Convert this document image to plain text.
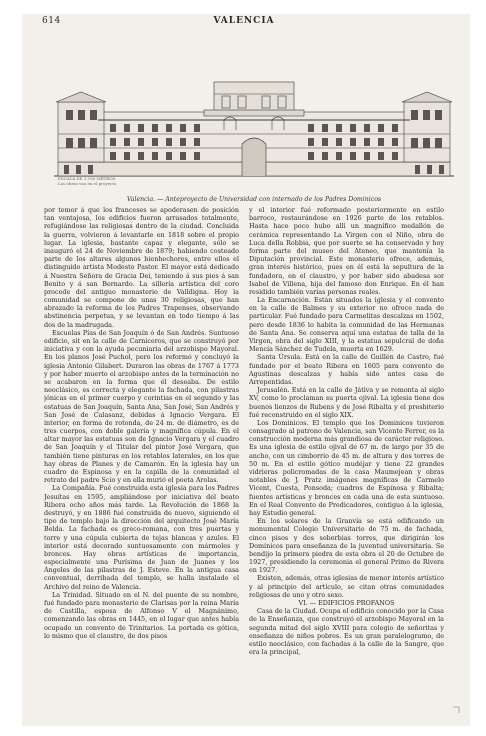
614	VALENCIA
ESCALA DE 1:150 METROS
Las obras van en el proyecto
Valencia. — Anteproyecto de Universidad con internado de los Padres Dominicos

por temor á que los franceses se apoderasen de posición tan ventajosa, los edificios fueron arrasados totalmente, refugiándose las religiosas dentro de la ciudad. Concluida la guerra, volvieron á levantarle en 1818 sobre el propio lugar. La iglesia, bastante capaz y elegante, sólo se inauguró el 24 de Noviembre de 1879; habiendo costeado parte de los altares algunos bienhechores, entre ellos el distinguido artista Modesto Pastor. El mayor está dedicado á Nuestra Señora de Gracia Dei, teniendo á sus pies á san Benito y á san Bernardo. La sillería artística del coro procede del antiguo monasterio de Valldigna. Hoy la comunidad se compone de unas 30 religiosas, que han abrazado la reforma de los Padres Trapenses, observando abstinencia perpetua, y se levantan en todo tiempo á las dos de la madrugada.

Escuelas Pías de San Joaquín ó de San Andrés. Suntuoso edificio, sit en la calle de Carniceros, que se construyó por iniciativa y con la ayuda pecuniaria del arzobispo Mayoral. En los planos José Puchol, pero los reformó y concluyó la iglesia Antonio Gilabert. Duraron las obras de 1767 á 1773 y por haber muerto el arzobispo antes de la terminación no se acabaron en la forma que él deseaba. De estilo neoclásico, es correcta y elegante la fachada, con pilastras jónicas en el primer cuerpo y corintias en el segundo y las estatuas de San Joaquín, Santa Ana, San José, San Andrés y San José de Calasanz, debidas á Ignacio Vergara. El interior, en forma de rotonda, de 24 m. de diámetro, es de tres cuerpos, con doble galería y magnífica cúpula. En el altar mayor las estatuas son de Ignacio Vergara y el cuadro de San Joaquín y el Titular del pintor José Vergara, que también tiene pinturas en los retablos laterales, en los que hay obras de Planes y de Camarón. En la iglesia hay un cuadro de Espinosa y en la capilla de la comunidad el retrato del padre Scio y en ella murió el poeta Arolas.

La Compañía. Fué construida esta iglesia para los Padres Jesuítas en 1595, ampliándose por iniciativa del beato Ribera ocho años más tarde. La Revolución de 1868 la destruyó, y en 1886 fué construida de nuevo, siguiendo el tipo de templo bajo la dirección del arquitecto José María Belda. La fachada es greco-romana, con tres puertas y torre y una cúpula cubierta de tejas blancas y azules. El interior está decorado suntuosamente con mármoles y bronces. Hay obras artísticas de importancia, especialmente una Purísima de Juan de Juanes y los Ángeles de las pilastras de J. Esteve. En la antigua casa conventual, derribada del templo, se halla instalado el Archivo del reino de Valencia.

La Trinidad. Situado en el N. del puente de su nombre, fué fundado para monasterio de Clarisas por la reina María de Castilla, esposa de Alfonso V el Magnánimo, comenzando las obras en 1445, en el lugar que antes había ocupado un convento de Trinitarios. La portada es gótica, lo mismo que el claustro, de dos pisos

y el interior fué reformado posteriormente en estilo barroco, restaurándose en 1926 parte de los retablos. Hasta hace poco hubo allí un magnífico medallón de cerámica representando La Virgen con el Niño, obra de Luca della Robbia, que por suerte se ha conservado y hoy forma parte del museo del Ateneo, que mantenía la Diputación provincial. Este monasterio ofrece, además, gran interés histórico, pues en él está la sepultura de la fundadora, en el claustro, y por haber sido abadesa sor Isabel de Villena, hija del famoso don Enrique. En él han residido también varias personas reales.

La Encarnación. Están situados la iglesia y el convento en la calle de Balmes y su exterior no ofrece nada de particular. Fué fundado para Carmelitas descalzas en 1502, pero desde 1836 lo habita la comunidad de las Hermanas de Santa Ana. Se conserva aquí una estatua de talla de la Virgen, obra del siglo XIII, y la estatua sepulcral de doña Mencía Sánchez de Tudela, muerta en 1629.

Santa Úrsula. Está en la calle de Guillén de Castro, fué fundado por el beato Ribera en 1605 para convento de Agustinas descalzas y había sido antes casa de Arrepentidas.

Jerusalén. Está en la calle de Játiva y se remonta al siglo XV, como lo proclaman su puerta ojival. La iglesia tiene dos buenos lienzos de Rubens y de José Ribalta y el presbiterio fué reconstruido en el siglo XIX.

Los Dominicos. El templo que los Dominicos tuvieron consagrado al patrono de Valencia, san Vicente Ferrer, es la construcción moderna más grandiosa de carácter religioso. Es una iglesia de estilo ojival de 67 m. de largo por 35 de ancho, con un cimborrio de 45 m. de altura y dos torres de 50 m. En el estilo gótico mudéjar y tiene 22 grandes vidrieras policromadas de la casa Maumejean y obras notables de J. Pratz imágenes magníficas de Carmelo Vicent, Cuesta, Ponsoda; cuadros de Espinosa y Ribalta; fuentes artísticas y bronces en cada una de esta suntuoso. En el Real Convento de Predicadores, contiguo á la iglesia, hay Estudio general.

En los solares de la Granvía se está edificando un monumental Colegio Universitario de 75 m. de fachada, cinco pisos y dos soberbias torres, que dirigirán los Dominicos para enseñanza de la juventud universitaria. Se bendijo la primera piedra de esta obra el 20 de Octubre de 1927, presidiendo la ceremonia el general Primo de Rivera en 1927.

Existen, además, otras iglesias de menor interés artístico y al principio del artículo, se citan otras comunidades religiosas de uno y otro sexo.

VI. — EDIFICIOS PROFANOS

Casa de la Ciudad. Ocupa el edificio conocido por la Casa de la Enseñanza, que construyó el arzobispo Mayoral en la segunda mitad del siglo XVIII para colegio de señoritas y enseñanza de niños pobres. Es un gran paralelogramo, de estilo neoclásico, con fachadas á la calle de la Sangre, que era la principal,
